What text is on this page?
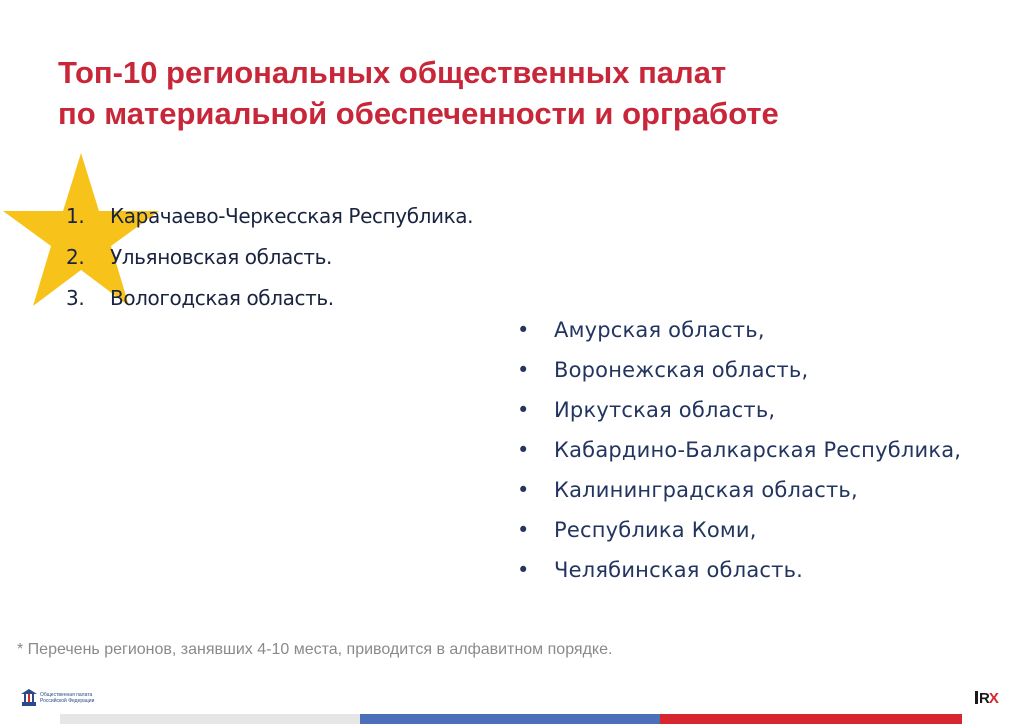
Топ-10 региональных общественных палат
по материальной обеспеченности и оргработе
1. Карачаево-Черкесская Республика.
2. Ульяновская область.
3. Вологодская область.
• Амурская область,
• Воронежская область,
• Иркутская область,
• Кабардино-Балкарская Республика,
• Калининградская область,
• Республика Коми,
• Челябинская область.

* Перечень регионов, занявших 4-10 места, приводится в алфавитном порядке.

Общественная палата
Российской Федерации	RX
